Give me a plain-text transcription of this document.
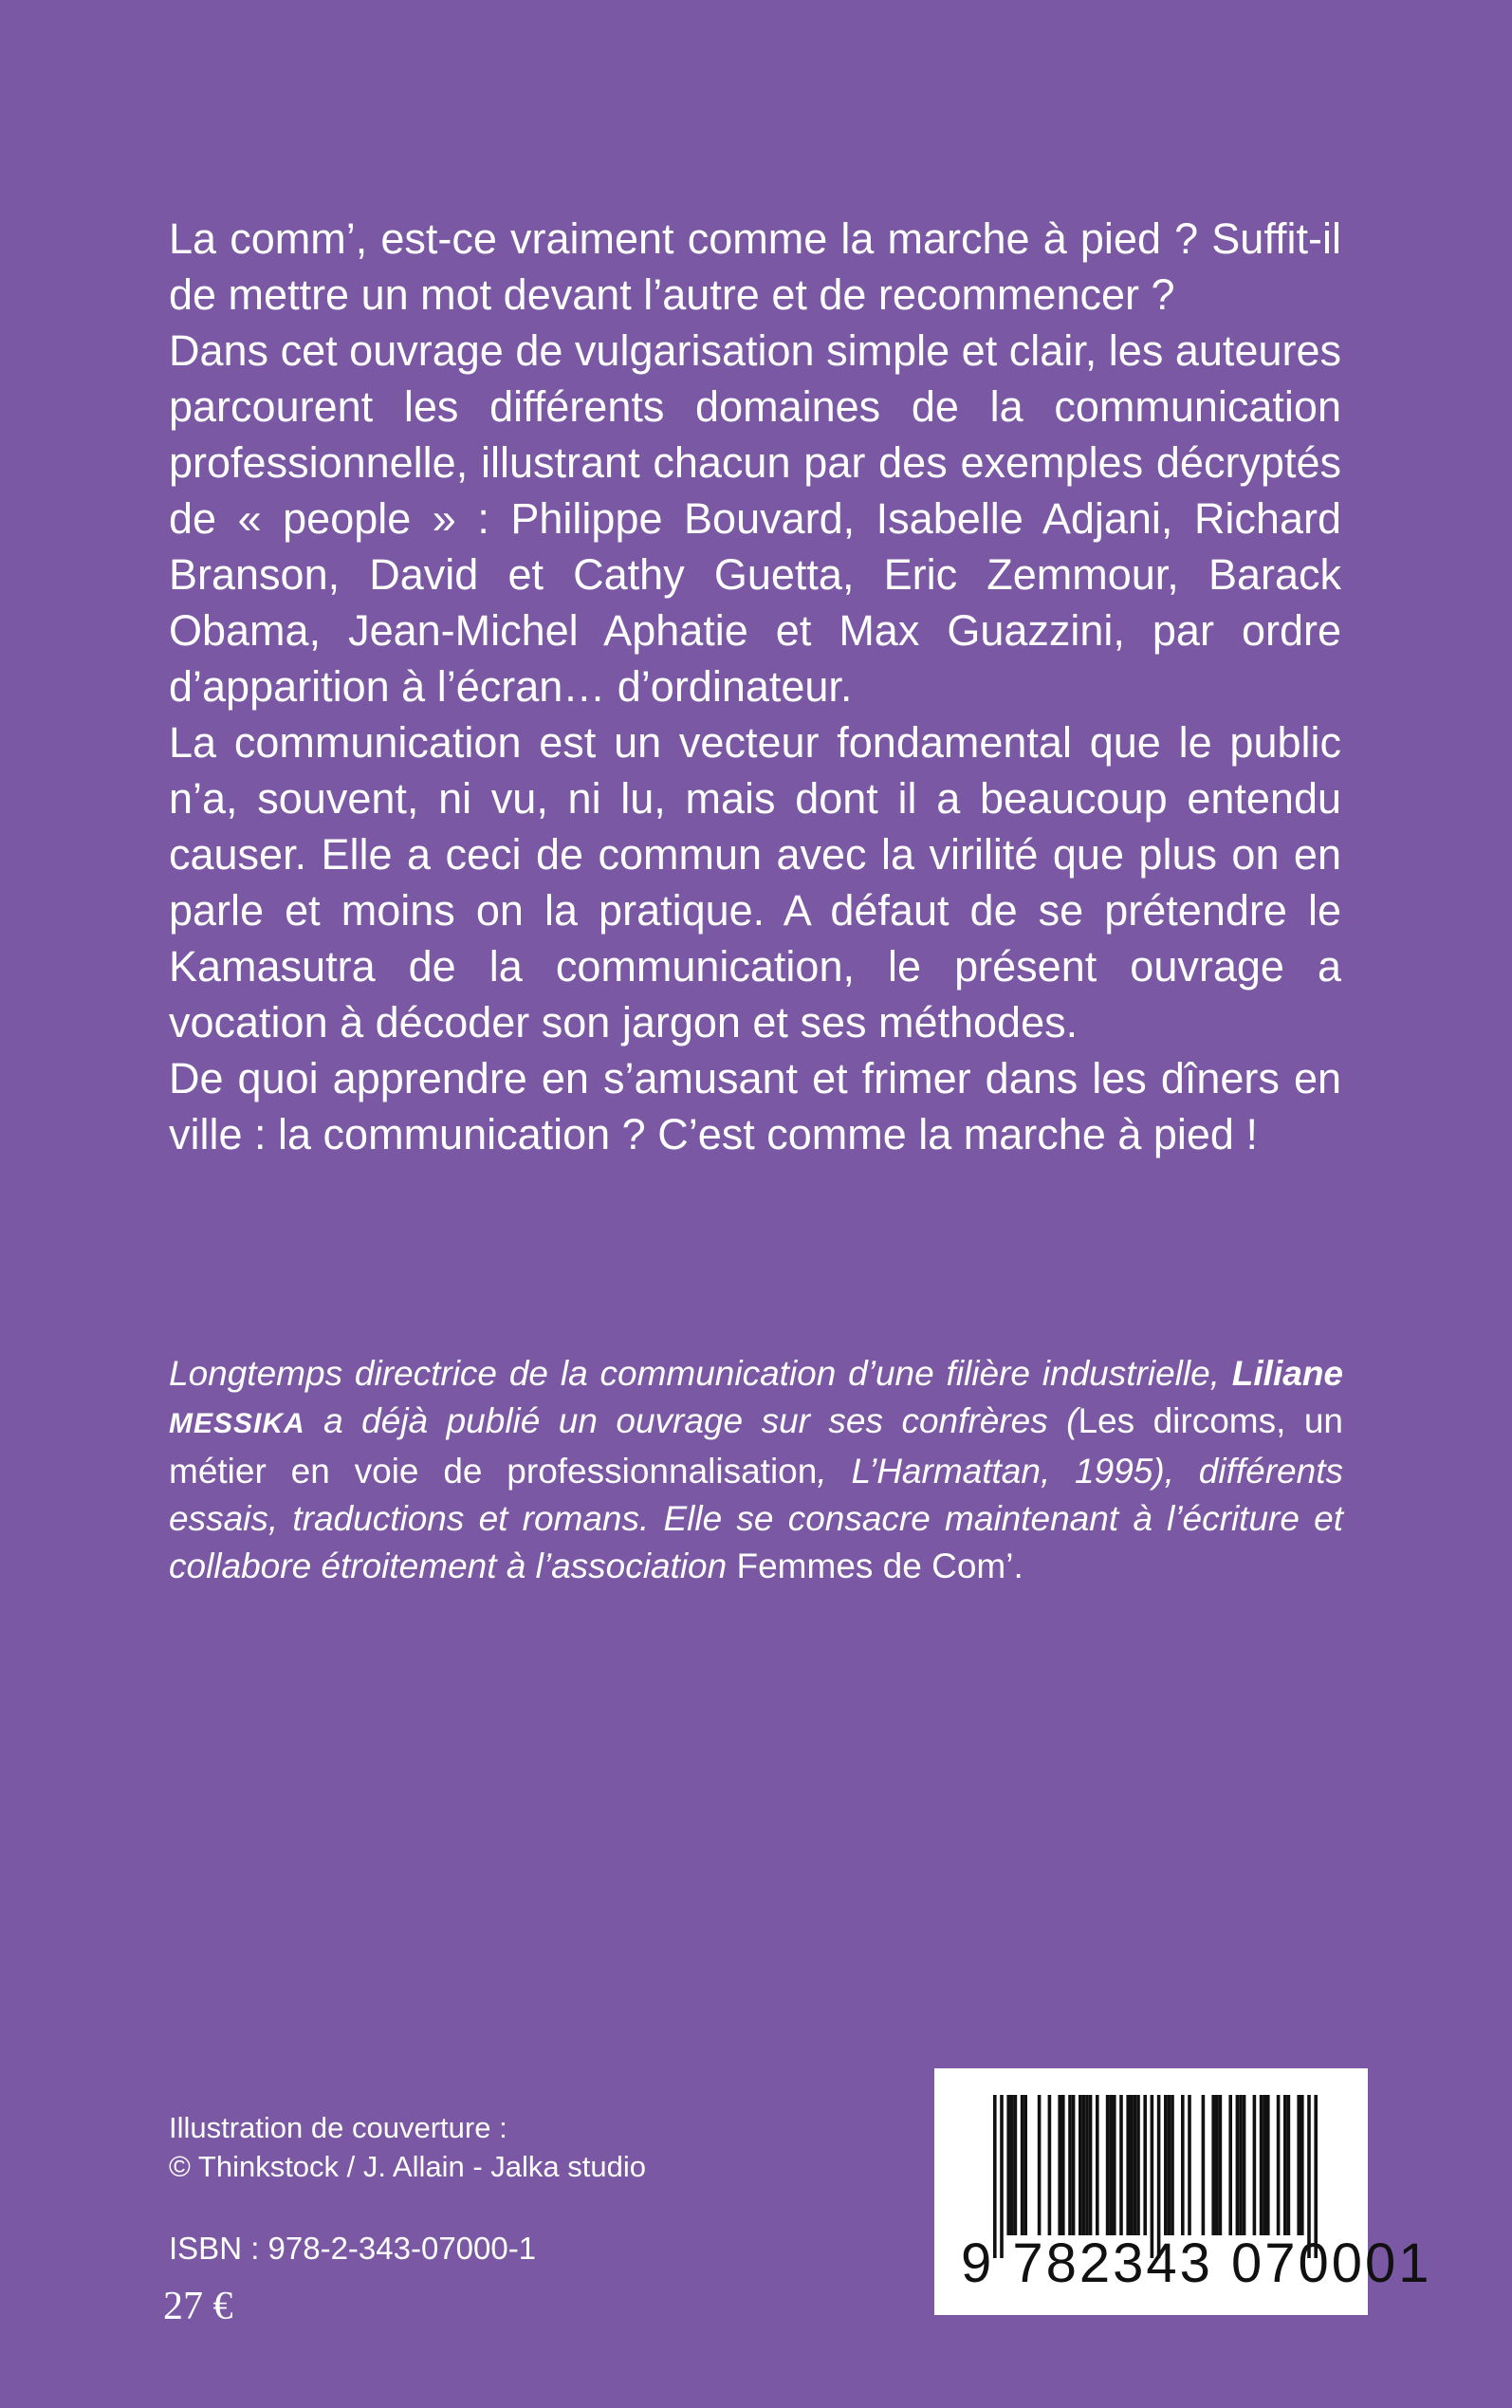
La comm’, est-ce vraiment comme la marche à pied ? Suffit-il de mettre un mot devant l’autre et de recommencer ?

Dans cet ouvrage de vulgarisation simple et clair, les auteures parcourent les différents domaines de la communication professionnelle, illustrant chacun par des exemples décryptés de « people » : Philippe Bouvard, Isabelle Adjani, Richard Branson, David et Cathy Guetta, Eric Zemmour, Barack Obama, Jean-Michel Aphatie et Max Guazzini, par ordre d’apparition à l’écran… d’ordinateur.

La communication est un vecteur fondamental que le public n’a, souvent, ni vu, ni lu, mais dont il a beaucoup entendu causer. Elle a ceci de commun avec la virilité que plus on en parle et moins on la pratique. A défaut de se prétendre le Kamasutra de la communication, le présent ouvrage a vocation à décoder son jargon et ses méthodes.

De quoi apprendre en s’amusant et frimer dans les dîners en ville : la communication ? C’est comme la marche à pied !

Longtemps directrice de la communication d’une filière industrielle, Liliane MESSIKA a déjà publié un ouvrage sur ses confrères (Les dircoms, un métier en voie de professionnalisation, L’Harmattan, 1995), différents essais, traductions et romans. Elle se consacre maintenant à l’écriture et collabore étroitement à l’association Femmes de Com’.
Illustration de couverture :
© Thinkstock / J. Allain - Jalka studio
ISBN : 978-2-343-07000-1
27 €
9 782343 070001
